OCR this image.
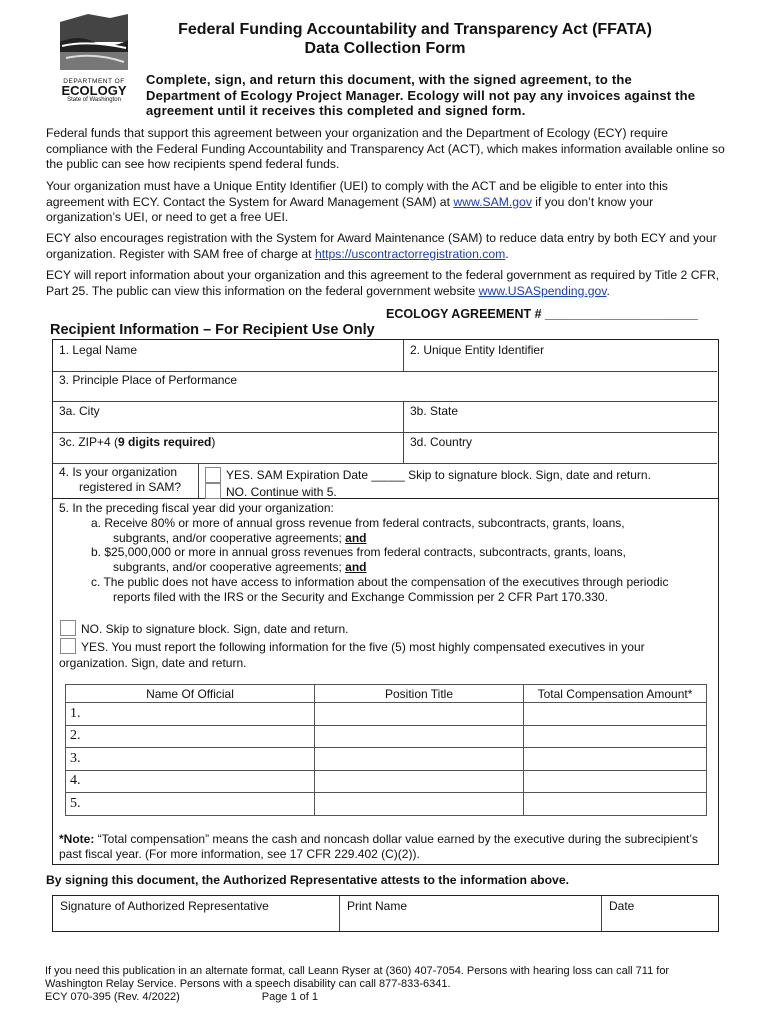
DEPARTMENT OF
ECOLOGY
State of Washington
Federal Funding Accountability and Transparency Act (FFATA)
Data Collection Form
Complete, sign, and return this document, with the signed agreement, to the Department of Ecology Project Manager. Ecology will not pay any invoices against the agreement until it receives this completed and signed form.
Federal funds that support this agreement between your organization and the Department of Ecology (ECY) require compliance with the Federal Funding Accountability and Transparency Act (ACT), which makes information available online so the public can see how recipients spend federal funds.
Your organization must have a Unique Entity Identifier (UEI) to comply with the ACT and be eligible to enter into this agreement with ECY. Contact the System for Award Management (SAM) at www.SAM.gov if you don’t know your organization’s UEI, or need to get a free UEI.
ECY also encourages registration with the System for Award Maintenance (SAM) to reduce data entry by both ECY and your organization. Register with SAM free of charge at https://uscontractorregistration.com.
ECY will report information about your organization and this agreement to the federal government as required by Title 2 CFR, Part 25. The public can view this information on the federal government website www.USASpending.gov.
ECOLOGY AGREEMENT # ______________________
Recipient Information – For Recipient Use Only
1. Legal Name	2. Unique Entity Identifier
3. Principle Place of Performance
3a. City	3b. State
3c. ZIP+4 (9 digits required)	3d. Country
4. Is your organization
registered in SAM?
YES. SAM Expiration Date _____ Skip to signature block. Sign, date and return.
NO. Continue with 5.
5. In the preceding fiscal year did your organization:
a. Receive 80% or more of annual gross revenue from federal contracts, subcontracts, grants, loans,
subgrants, and/or cooperative agreements; and
b. $25,000,000 or more in annual gross revenues from federal contracts, subcontracts, grants, loans,
subgrants, and/or cooperative agreements; and
c. The public does not have access to information about the compensation of the executives through periodic
reports filed with the IRS or the Security and Exchange Commission per 2 CFR Part 170.330.
NO. Skip to signature block. Sign, date and return.
YES. You must report the following information for the five (5) most highly compensated executives in your
organization. Sign, date and return.
Name Of Official	Position Title	Total Compensation Amount*
1.		
2.		
3.		
4.		
5.		
*Note: “Total compensation” means the cash and noncash dollar value earned by the executive during the subrecipient’s past fiscal year. (For more information, see 17 CFR 229.402 (C)(2)).
By signing this document, the Authorized Representative attests to the information above.
Signature of Authorized Representative	Print Name	Date
If you need this publication in an alternate format, call Leann Ryser at (360) 407-7054. Persons with hearing loss can call 711 for
Washington Relay Service. Persons with a speech disability can call 877-833-6341.
ECY 070-395 (Rev. 4/2022)	Page 1 of 1
